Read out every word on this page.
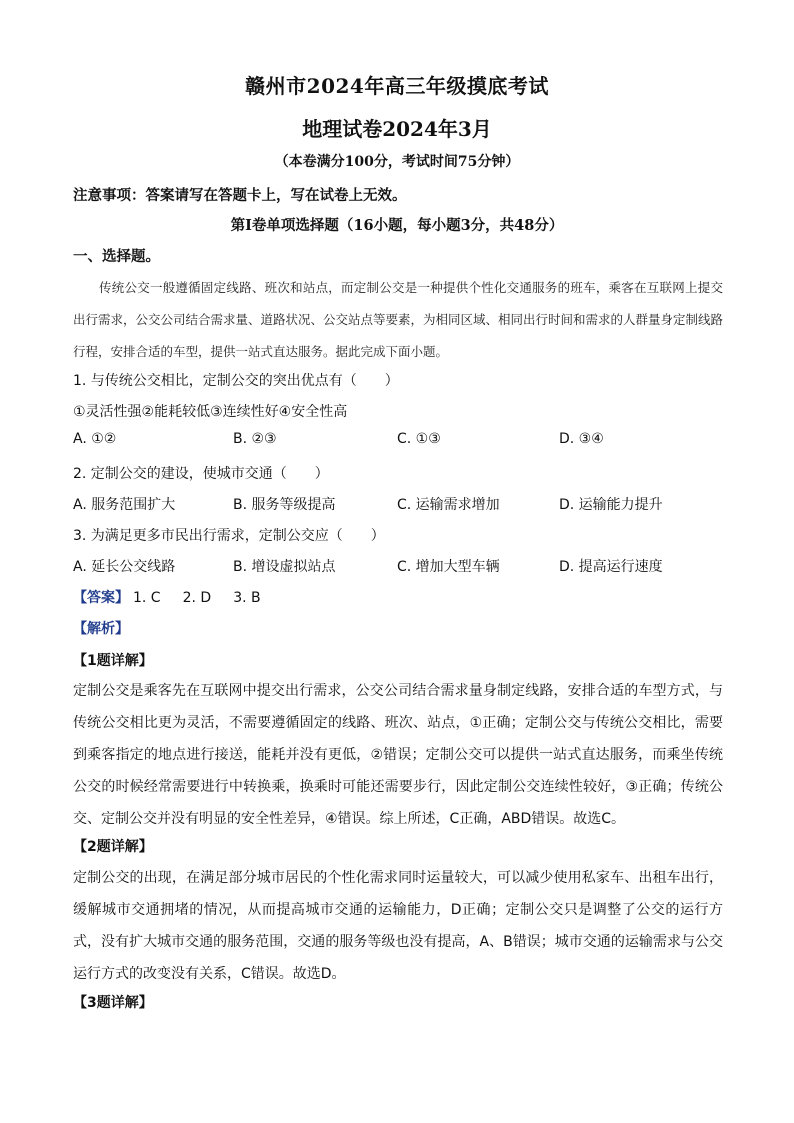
赣州市2024年高三年级摸底考试
地理试卷2024年3月
（本卷满分100分，考试时间75分钟）
注意事项：答案请写在答题卡上，写在试卷上无效。
第Ⅰ卷单项选择题（16小题，每小题3分，共48分）
一、选择题。
传统公交一般遵循固定线路、班次和站点，而定制公交是一种提供个性化交通服务的班车，乘客在互联网上提交出行需求，公交公司结合需求量、道路状况、公交站点等要素，为相同区域、相同出行时间和需求的人群量身定制线路行程，安排合适的车型，提供一站式直达服务。据此完成下面小题。
1. 与传统公交相比，定制公交的突出优点有（　　）
①灵活性强②能耗较低③连续性好④安全性高
A. ①②	B. ②③	C. ①③	D. ③④
2. 定制公交的建设，使城市交通（　　）
A. 服务范围扩大	B. 服务等级提高	C. 运输需求增加	D. 运输能力提升
3. 为满足更多市民出行需求，定制公交应（　　）
A. 延长公交线路	B. 增设虚拟站点	C. 增加大型车辆	D. 提高运行速度
【答案】 1. C 2. D 3. B
【解析】
【1题详解】
定制公交是乘客先在互联网中提交出行需求，公交公司结合需求量身制定线路，安排合适的车型方式，与传统公交相比更为灵活，不需要遵循固定的线路、班次、站点，①正确；定制公交与传统公交相比，需要到乘客指定的地点进行接送，能耗并没有更低，②错误；定制公交可以提供一站式直达服务，而乘坐传统公交的时候经常需要进行中转换乘，换乘时可能还需要步行，因此定制公交连续性较好，③正确；传统公交、定制公交并没有明显的安全性差异，④错误。综上所述，C正确，ABD错误。故选C。
【2题详解】
定制公交的出现，在满足部分城市居民的个性化需求同时运量较大，可以减少使用私家车、出租车出行，缓解城市交通拥堵的情况，从而提高城市交通的运输能力，D正确；定制公交只是调整了公交的运行方式，没有扩大城市交通的服务范围，交通的服务等级也没有提高，A、B错误；城市交通的运输需求与公交运行方式的改变没有关系，C错误。故选D。
【3题详解】
